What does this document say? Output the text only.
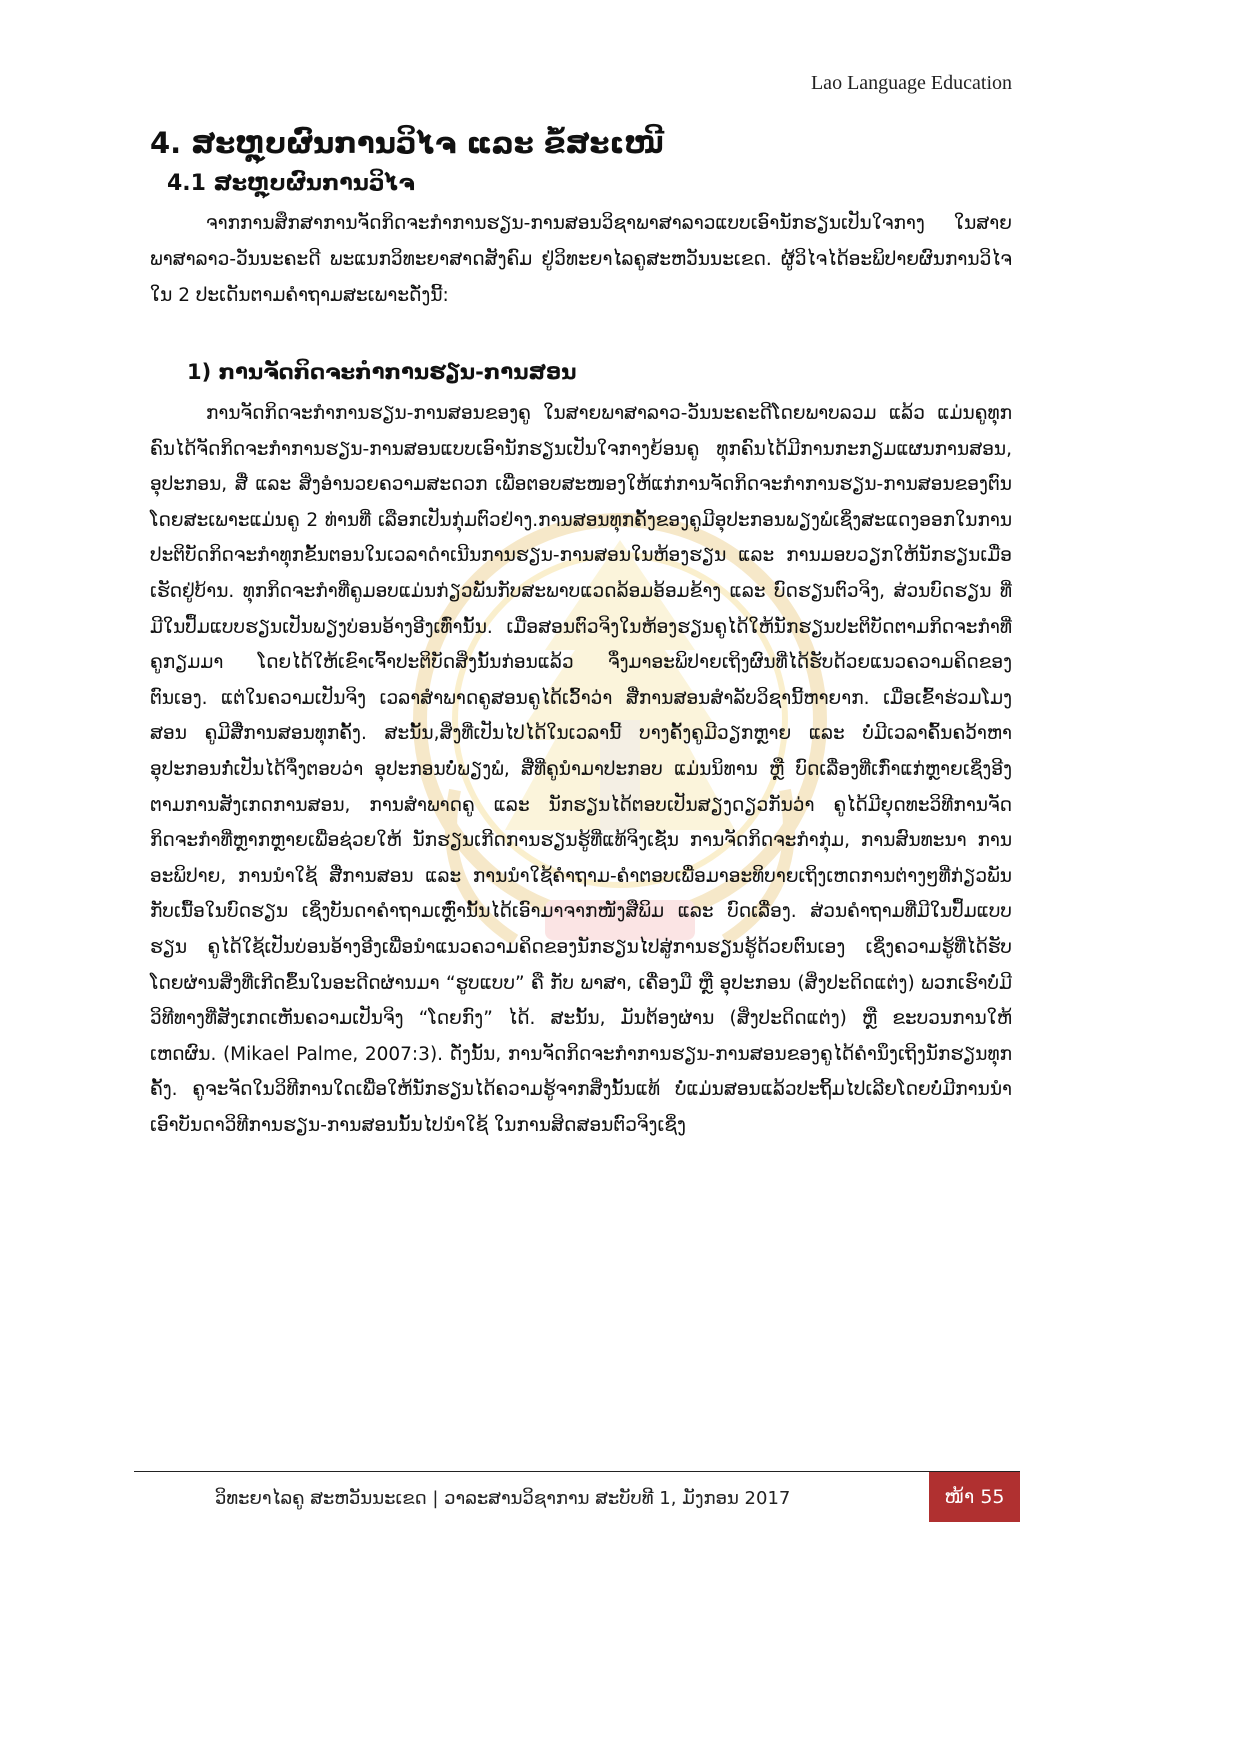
Lao Language Education
4. ສະຫຼຸບຜົນການວິໄຈ ແລະ ຂໍ້ສະເໜີ
4.1 ສະຫຼຸບຜົນການວິໄຈ

ຈາກການສຶກສາການຈັດກິດຈະກຳການຮຽນ-ການສອນວິຊາພາສາລາວແບບເອົານັກຮຽນເປັນໃຈກາງ ໃນສາຍພາສາລາວ-ວັນນະຄະດີ ພະແນກວິທະຍາສາດສັງຄົມ ຢູ່ວິທະຍາໄລຄູສະຫວັນນະເຂດ. ຜູ້ວິໄຈໄດ້ອະພິປາຍຜົນການວິໄຈໃນ 2 ປະເດັນຕາມຄຳຖາມສະເພາະດັ່ງນີ້:

1) ການຈັດກິດຈະກຳການຮຽນ-ການສອນ

ການຈັດກິດຈະກຳການຮຽນ-ການສອນຂອງຄູ ໃນສາຍພາສາລາວ-ວັນນະຄະດີໂດຍພາບລວມ ແລ້ວ ແມ່ນຄູທຸກຄົນໄດ້ຈັດກິດຈະກຳການຮຽນ-ການສອນແບບເອົານັກຮຽນເປັນໃຈກາງຍ້ອນຄູ ທຸກຄົນໄດ້ມີການກະກຽມແຜນການສອນ, ອຸປະກອນ, ສື່ ແລະ ສິ່ງອຳນວຍຄວາມສະດວກ ເພື່ອຕອບສະໜອງໃຫ້ແກ່ການຈັດກິດຈະກຳການຮຽນ-ການສອນຂອງຕົນໂດຍສະເພາະແມ່ນຄູ 2 ທ່ານທີ່ ເລືອກເປັນກຸ່ມຕົວຢ່າງ.ການສອນທຸກຄັ້ງຂອງຄູມີອຸປະກອນພຽງພໍເຊິ່ງສະແດງອອກໃນການປະຕິບັດກິດຈະກຳທຸກຂັ້ນຕອນໃນເວລາດຳເນີນການຮຽນ-ການສອນໃນຫ້ອງຮຽນ ແລະ ການມອບວຽກໃຫ້ນັກຮຽນເມື່ອເຮັດຢູ່ບ້ານ. ທຸກກິດຈະກຳທີ່ຄູມອບແມ່ນກ່ຽວພັນກັບສະພາບແວດລ້ອມອ້ອມຂ້າງ ແລະ ບົດຮຽນຕົວຈິງ, ສ່ວນບົດຮຽນ ທີ່ມີໃນປຶ້ມແບບຮຽນເປັນພຽງບ່ອນອ້າງອີງເທົ່ານັ້ນ. ເມື່ອສອນຕົວຈິງໃນຫ້ອງຮຽນຄູໄດ້ໃຫ້ນັກຮຽນປະຕິບັດຕາມກິດຈະກຳທີ່ຄູກຽມມາ ໂດຍໄດ້ໃຫ້ເຂົາເຈົ້າປະຕິບັດສິ່ງນັ້ນກ່ອນແລ້ວ ຈຶ່ງມາອະພິປາຍເຖິງຜົນທີ່ໄດ້ຮັບດ້ວຍແນວຄວາມຄິດຂອງຕົນເອງ. ແຕ່ໃນຄວາມເປັນຈິງ ເວລາສຳພາດຄູສອນຄູໄດ້ເວົ້າວ່າ ສື່ການສອນສຳລັບວິຊານີ້ຫາຍາກ. ເມື່ອເຂົ້າຮ່ວມໂມງສອນ ຄູມີສື່ການສອນທຸກຄັ້ງ. ສະນັ້ນ,ສິ່ງທີ່ເປັນໄປໄດ້ໃນເວລານີ້ ບາງຄັ້ງຄູມີວຽກຫຼາຍ ແລະ ບໍ່ມີເວລາຄົ້ນຄວ້າຫາອຸປະກອນກໍ່ເປັນໄດ້ຈຶ່ງຕອບວ່າ ອຸປະກອນບໍ່ພຽງພໍ, ສື່ທີ່ຄູນຳມາປະກອບ ແມ່ນນິທານ ຫຼື ບົດເລື່ອງທີ່ເກົ່າແກ່ຫຼາຍເຊິ່ງອີງຕາມການສັງເກດການສອນ, ການສຳພາດຄູ ແລະ ນັກຮຽນໄດ້ຕອບເປັນສຽງດຽວກັນວ່າ ຄູໄດ້ມີຍຸດທະວິທີການຈັດ ກິດຈະກຳທີ່ຫຼາກຫຼາຍເພື່ອຊ່ວຍໃຫ້ ນັກຮຽນເກີດການຮຽນຮູ້ທີ່ແທ້ຈິງເຊັ່ນ ການຈັດກິດຈະກຳກຸ່ມ, ການສົນທະນາ ການອະພິປາຍ, ການນຳໃຊ້ ສື່ການສອນ ແລະ ການນຳໃຊ້ຄຳຖາມ-ຄຳຕອບເພື່ອມາອະທິບາຍເຖິງເຫດການຕ່າງໆທີ່ກ່ຽວພັນກັບເນື້ອໃນບົດຮຽນ ເຊິ່ງບັນດາຄຳຖາມເຫຼົ່ານັ້ນໄດ້ເອົາມາຈາກໜັງສືພິມ ແລະ ບົດເລື່ອງ. ສ່ວນຄຳຖາມທີ່ມີໃນປຶ້ມແບບຮຽນ ຄູໄດ້ໃຊ້ເປັນບ່ອນອ້າງອີງເພື່ອນຳແນວຄວາມຄິດຂອງນັກຮຽນໄປສູ່ການຮຽນຮູ້ດ້ວຍຕົນເອງ ເຊິ່ງຄວາມຮູ້ທີ່ໄດ້ຮັບໂດຍຜ່ານສິ່ງທີ່ເກີດຂຶ້ນໃນອະດີດຜ່ານມາ “ຮູບແບບ” ຄື ກັບ ພາສາ, ເຄື່ອງມື ຫຼື ອຸປະກອນ (ສິ່ງປະດິດແຕ່ງ) ພວກເຮົາບໍ່ມີວິທີທາງທີ່ສັງເກດເຫັນຄວາມເປັນຈິງ “ໂດຍກົງ” ໄດ້. ສະນັ້ນ, ມັນຕ້ອງຜ່ານ (ສິ່ງປະດິດແຕ່ງ) ຫຼື ຂະບວນການໃຫ້ເຫດຜົນ. (Mikael Palme, 2007:3). ດັ່ງນັ້ນ, ການຈັດກິດຈະກຳການຮຽນ-ການສອນຂອງຄູໄດ້ຄຳນຶງເຖິງນັກຮຽນທຸກຄັ້ງ. ຄູຈະຈັດໃນວິທີການໃດເພື່ອໃຫ້ນັກຮຽນໄດ້ຄວາມຮູ້ຈາກສິ່ງນັ້ນແທ້ ບໍ່ແມ່ນສອນແລ້ວປະຖິ້ມໄປເລີຍໂດຍບໍ່ມີການນຳເອົາບັນດາວິທີການຮຽນ-ການສອນນັ້ນໄປນຳໃຊ້ ໃນການສິດສອນຕົວຈິງເຊິ່ງ

ວິທະຍາໄລຄູ ສະຫວັນນະເຂດ | ວາລະສານວິຊາການ ສະບັບທີ 1, ມັງກອນ 2017	ໜ້າ 55
